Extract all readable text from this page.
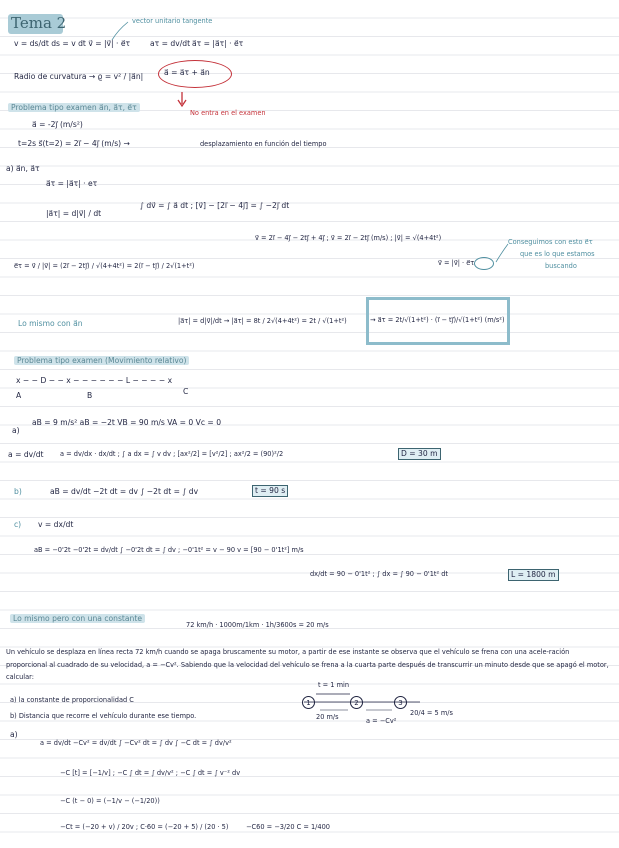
Tema 2	vector unitario tangente
v = ds/dt ds = v dt v⃗ = |v⃗| · e⃗τ	aτ = dv/dt a⃗τ = |a⃗τ| · e⃗τ
Radio de curvatura → ϱ = v² / |a⃗n|	a⃗ = a⃗τ + a⃗n
Problema tipo examen a⃗n, a⃗τ, e⃗τ
No entra en el examen
a⃗ = -2j⃗ (m/s²)
t=2s s⃗(t=2) = 2i⃗ − 4j⃗ (m/s) →	desplazamiento en función del tiempo
a) a⃗n, a⃗τ
a⃗τ = |a⃗τ| · eτ
∫ dv⃗ = ∫ a⃗ dt ; [v⃗] − [2i⃗ − 4j⃗] = ∫ −2j⃗ dt
|a⃗τ| = d|v⃗| / dt
v⃗ = 2i⃗ − 4j⃗ − 2tj⃗ + 4j⃗ ; v⃗ = 2i⃗ − 2tj⃗ (m/s) ; |v⃗| = √(4+4t²)	Conseguimos con esto e⃗τ
que es lo que estamos
buscando
v⃗ = |v⃗| · e⃗τ
e⃗τ = v⃗ / |v⃗| = (2i⃗ − 2tj⃗) / √(4+4t²) = 2(i⃗ − tj⃗) / 2√(1+t²)
Lo mismo con a⃗n	|a⃗τ| = d|v⃗|/dt → |a⃗τ| = 8t / 2√(4+4t²) = 2t / √(1+t²)	→ a⃗τ = 2t/√(1+t²) · (i⃗ − tj⃗)/√(1+t²) (m/s²)
Problema tipo examen (Movimiento relativo)
x − − D − − x − − − − − − L − − − − x
A	B	C
a)
aB = 9 m/s² aB = −2t VB = 90 m/s VA = 0 Vc = 0
a = dv/dt a = dv/dx · dx/dt ; ∫ a dx = ∫ v dv ; [ax²/2] = [v²/2] ; ax²/2 = (90)²/2	D = 30 m
b)	aB = dv/dt −2t dt = dv ∫ −2t dt = ∫ dv	t = 90 s
c) v = dx/dt
aB = −0'2t −0'2t = dv/dt ∫ −0'2t dt = ∫ dv ; −0'1t² = v − 90 v = [90 − 0'1t²] m/s
dx/dt = 90 − 0'1t² ; ∫ dx = ∫ 90 − 0'1t² dt	L = 1800 m
Lo mismo pero con una constante
72 km/h · 1000m/1km · 1h/3600s = 20 m/s
Un vehículo se desplaza en línea recta 72 km/h cuando se apaga bruscamente su motor, a partir de ese instante se observa que el vehículo se frena con una acele-ración proporcional al cuadrado de su velocidad, a = −Cv². Sabiendo que la velocidad del vehículo se frena a la cuarta parte después de transcurrir un minuto desde que se apagó el motor, calcular:
a) la constante de proporcionalidad C
b) Distancia que recorre el vehículo durante ese tiempo.
t = 1 min
1	2	3
20 m/s	a = −Cv²
20/4 = 5 m/s
a)
a = dv/dt −Cv² = dv/dt ∫ −Cv² dt = ∫ dv ∫ −C dt = ∫ dv/v²
−C [t] = [−1/v] ; −C ∫ dt = ∫ dv/v² ; −C ∫ dt = ∫ v⁻² dv
−C (t − 0) = (−1/v − (−1/20))
−Ct = (−20 + v) / 20v ; C·60 = (−20 + 5) / (20 · 5)	−C60 = −3/20 C = 1/400
